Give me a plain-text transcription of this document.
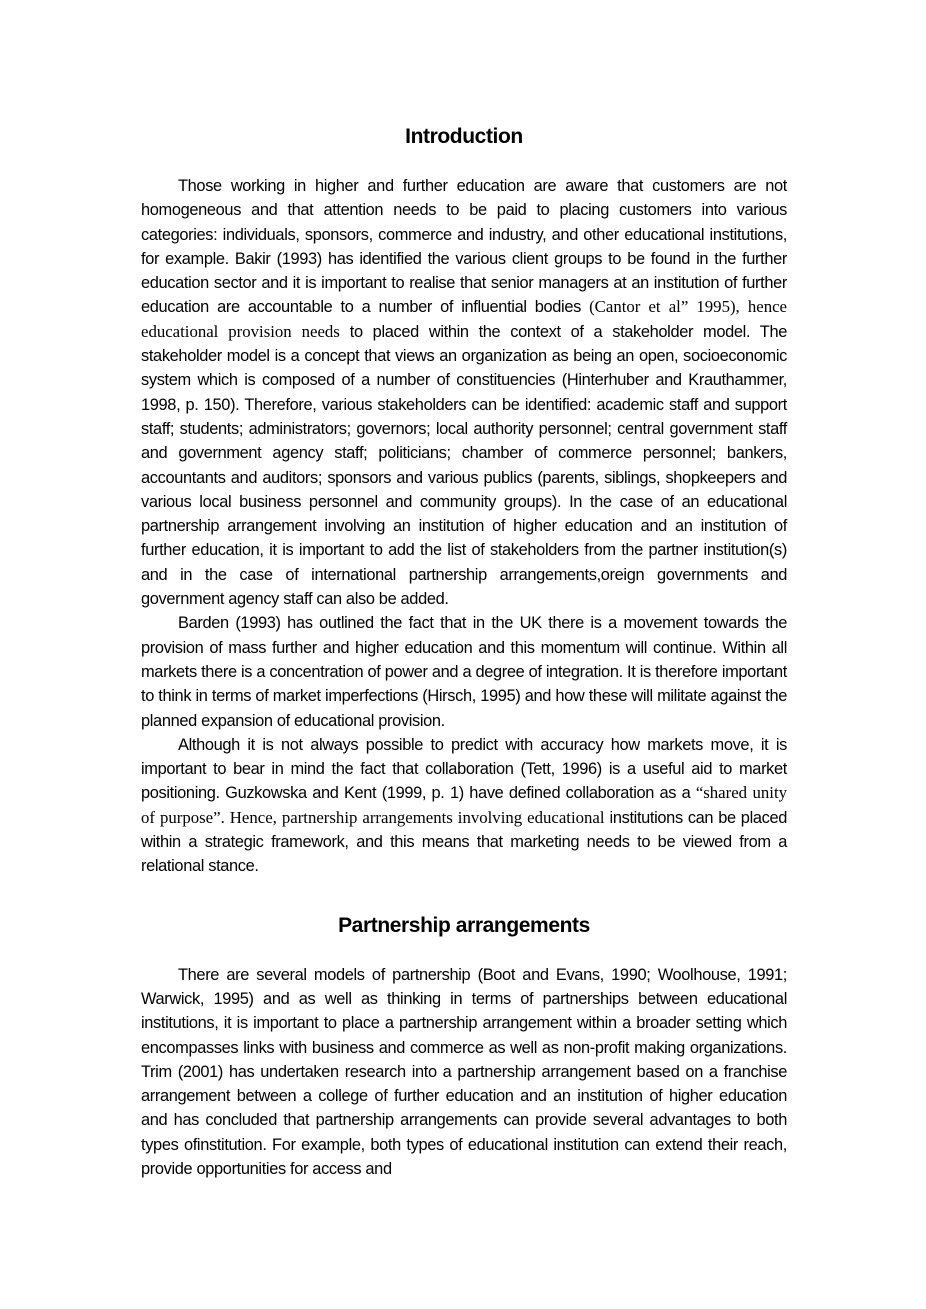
Introduction

Those working in higher and further education are aware that customers are not homogeneous and that attention needs to be paid to placing customers into various categories: individuals, sponsors, commerce and industry, and other educational institutions, for example. Bakir (1993) has identified the various client groups to be found in the further education sector and it is important to realise that senior managers at an institution of further education are accountable to a number of influential bodies (Cantor et al” 1995), hence educational provision needs to placed within the context of a stakeholder model. The stakeholder model is a concept that views an organization as being an open, socioeconomic system which is composed of a number of constituencies (Hinterhuber and Krauthammer, 1998, p. 150). Therefore, various stakeholders can be identified: academic staff and support staff; students; administrators; governors; local authority personnel; central government staff and government agency staff; politicians; chamber of commerce personnel; bankers, accountants and auditors; sponsors and various publics (parents, siblings, shopkeepers and various local business personnel and community groups). In the case of an educational partnership arrangement involving an institution of higher education and an institution of further education, it is important to add the list of stakeholders from the partner institution(s) and in the case of international partnership arrangements,oreign governments and government agency staff can also be added.

Barden (1993) has outlined the fact that in the UK there is a movement towards the provision of mass further and higher education and this momentum will continue. Within all markets there is a concentration of power and a degree of integration. It is therefore important to think in terms of market imperfections (Hirsch, 1995) and how these will militate against the planned expansion of educational provision.

Although it is not always possible to predict with accuracy how markets move, it is important to bear in mind the fact that collaboration (Tett, 1996) is a useful aid to market positioning. Guzkowska and Kent (1999, p. 1) have defined collaboration as a “shared unity of purpose”. Hence, partnership arrangements involving educational institutions can be placed within a strategic framework, and this means that marketing needs to be viewed from a relational stance.

Partnership arrangements

There are several models of partnership (Boot and Evans, 1990; Woolhouse, 1991; Warwick, 1995) and as well as thinking in terms of partnerships between educational institutions, it is important to place a partnership arrangement within a broader setting which encompasses links with business and commerce as well as non-profit making organizations. Trim (2001) has undertaken research into a partnership arrangement based on a franchise arrangement between a college of further education and an institution of higher education and has concluded that partnership arrangements can provide several advantages to both types ofinstitution. For example, both types of educational institution can extend their reach, provide opportunities for access and
